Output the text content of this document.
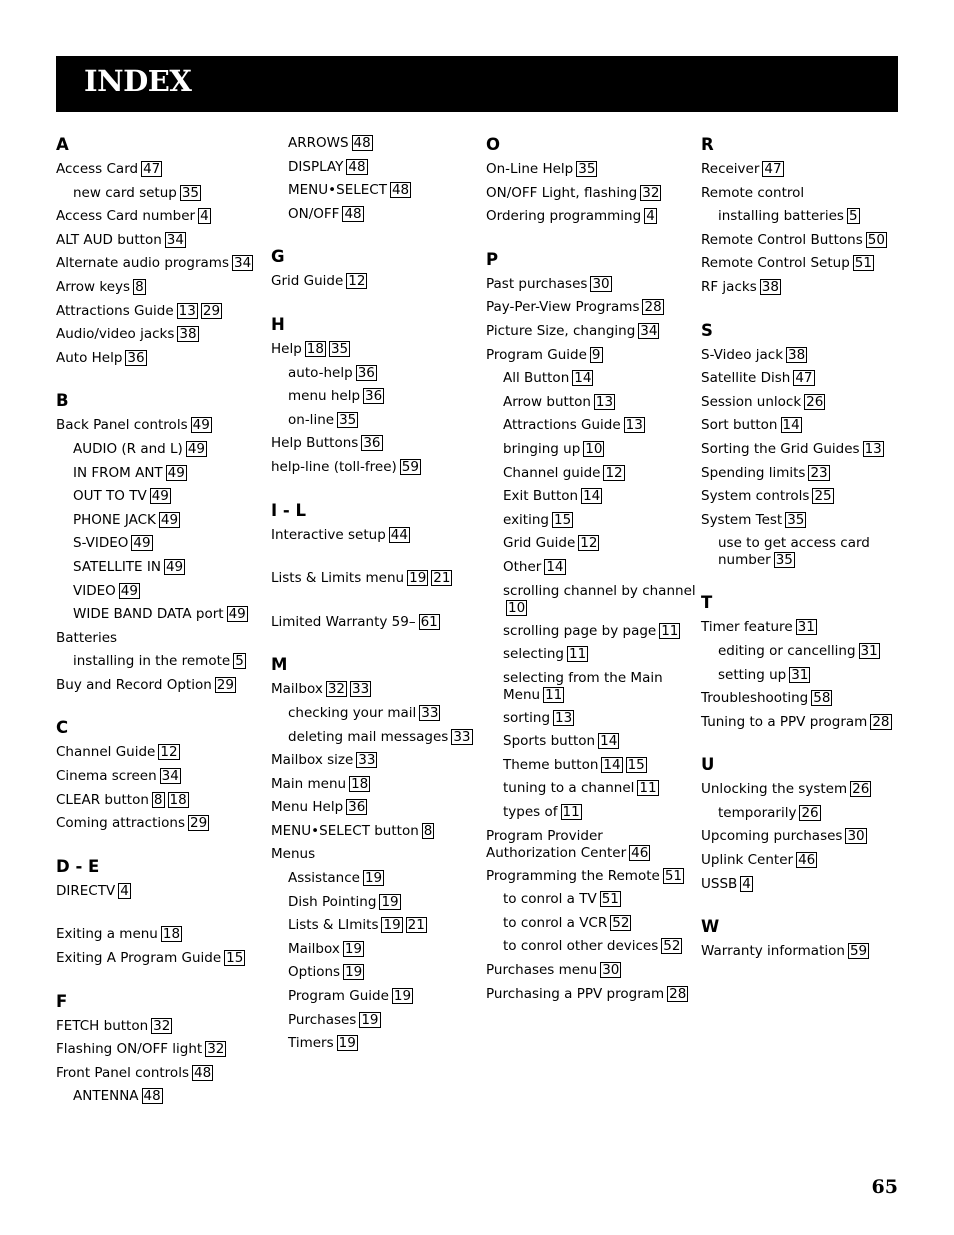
INDEX
A
Access Card 47
new card setup 35
Access Card number 4
ALT AUD button 34
Alternate audio programs 34
Arrow keys 8
Attractions Guide 13 29
Audio/video jacks 38
Auto Help 36
B
Back Panel controls 49
AUDIO (R and L) 49
IN FROM ANT 49
OUT TO TV 49
PHONE JACK 49
S-VIDEO 49
SATELLITE IN 49
VIDEO 49
WIDE BAND DATA port 49
Batteries
installing in the remote 5
Buy and Record Option 29
C
Channel Guide 12
Cinema screen 34
CLEAR button 8 18
Coming attractions 29
D - E
DIRECTV 4
Exiting a menu 18
Exiting A Program Guide 15
F
FETCH button 32
Flashing ON/OFF light 32
Front Panel controls 48
ANTENNA 48
ARROWS 48
DISPLAY 48
MENU•SELECT 48
ON/OFF 48
G
Grid Guide 12
H
Help 18 35
auto-help 36
menu help 36
on-line 35
Help Buttons 36
help-line (toll-free) 59
I - L
Interactive setup 44
Lists & Limits menu 19 21
Limited Warranty 59– 61
M
Mailbox 32 33
checking your mail 33
deleting mail messages 33
Mailbox size 33
Main menu 18
Menu Help 36
MENU•SELECT button 8
Menus
Assistance 19
Dish Pointing 19
Lists & LImits 19 21
Mailbox 19
Options 19
Program Guide 19
Purchases 19
Timers 19
O
On-Line Help 35
ON/OFF Light, flashing 32
Ordering programming 4
P
Past purchases 30
Pay-Per-View Programs 28
Picture Size, changing 34
Program Guide 9
All Button 14
Arrow button 13
Attractions Guide 13
bringing up 10
Channel guide 12
Exit Button 14
exiting 15
Grid Guide 12
Other 14
scrolling channel by channel10
scrolling page by page 11
selecting 11
selecting from the Main Menu 11
sorting 13
Sports button 14
Theme button 14 15
tuning to a channel 11
types of 11
Program Provider Authorization Center 46
Programming the Remote 51
to conrol a TV 51
to conrol a VCR 52
to conrol other devices 52
Purchases menu 30
Purchasing a PPV program 28
R
Receiver 47
Remote control
installing batteries 5
Remote Control Buttons 50
Remote Control Setup 51
RF jacks 38
S
S-Video jack 38
Satellite Dish 47
Session unlock 26
Sort button 14
Sorting the Grid Guides 13
Spending limits 23
System controls 25
System Test 35
use to get access card number 35
T
Timer feature 31
editing or cancelling 31
setting up 31
Troubleshooting 58
Tuning to a PPV program 28
U
Unlocking the system 26
temporarily 26
Upcoming purchases 30
Uplink Center 46
USSB 4
W
Warranty information 59
65
